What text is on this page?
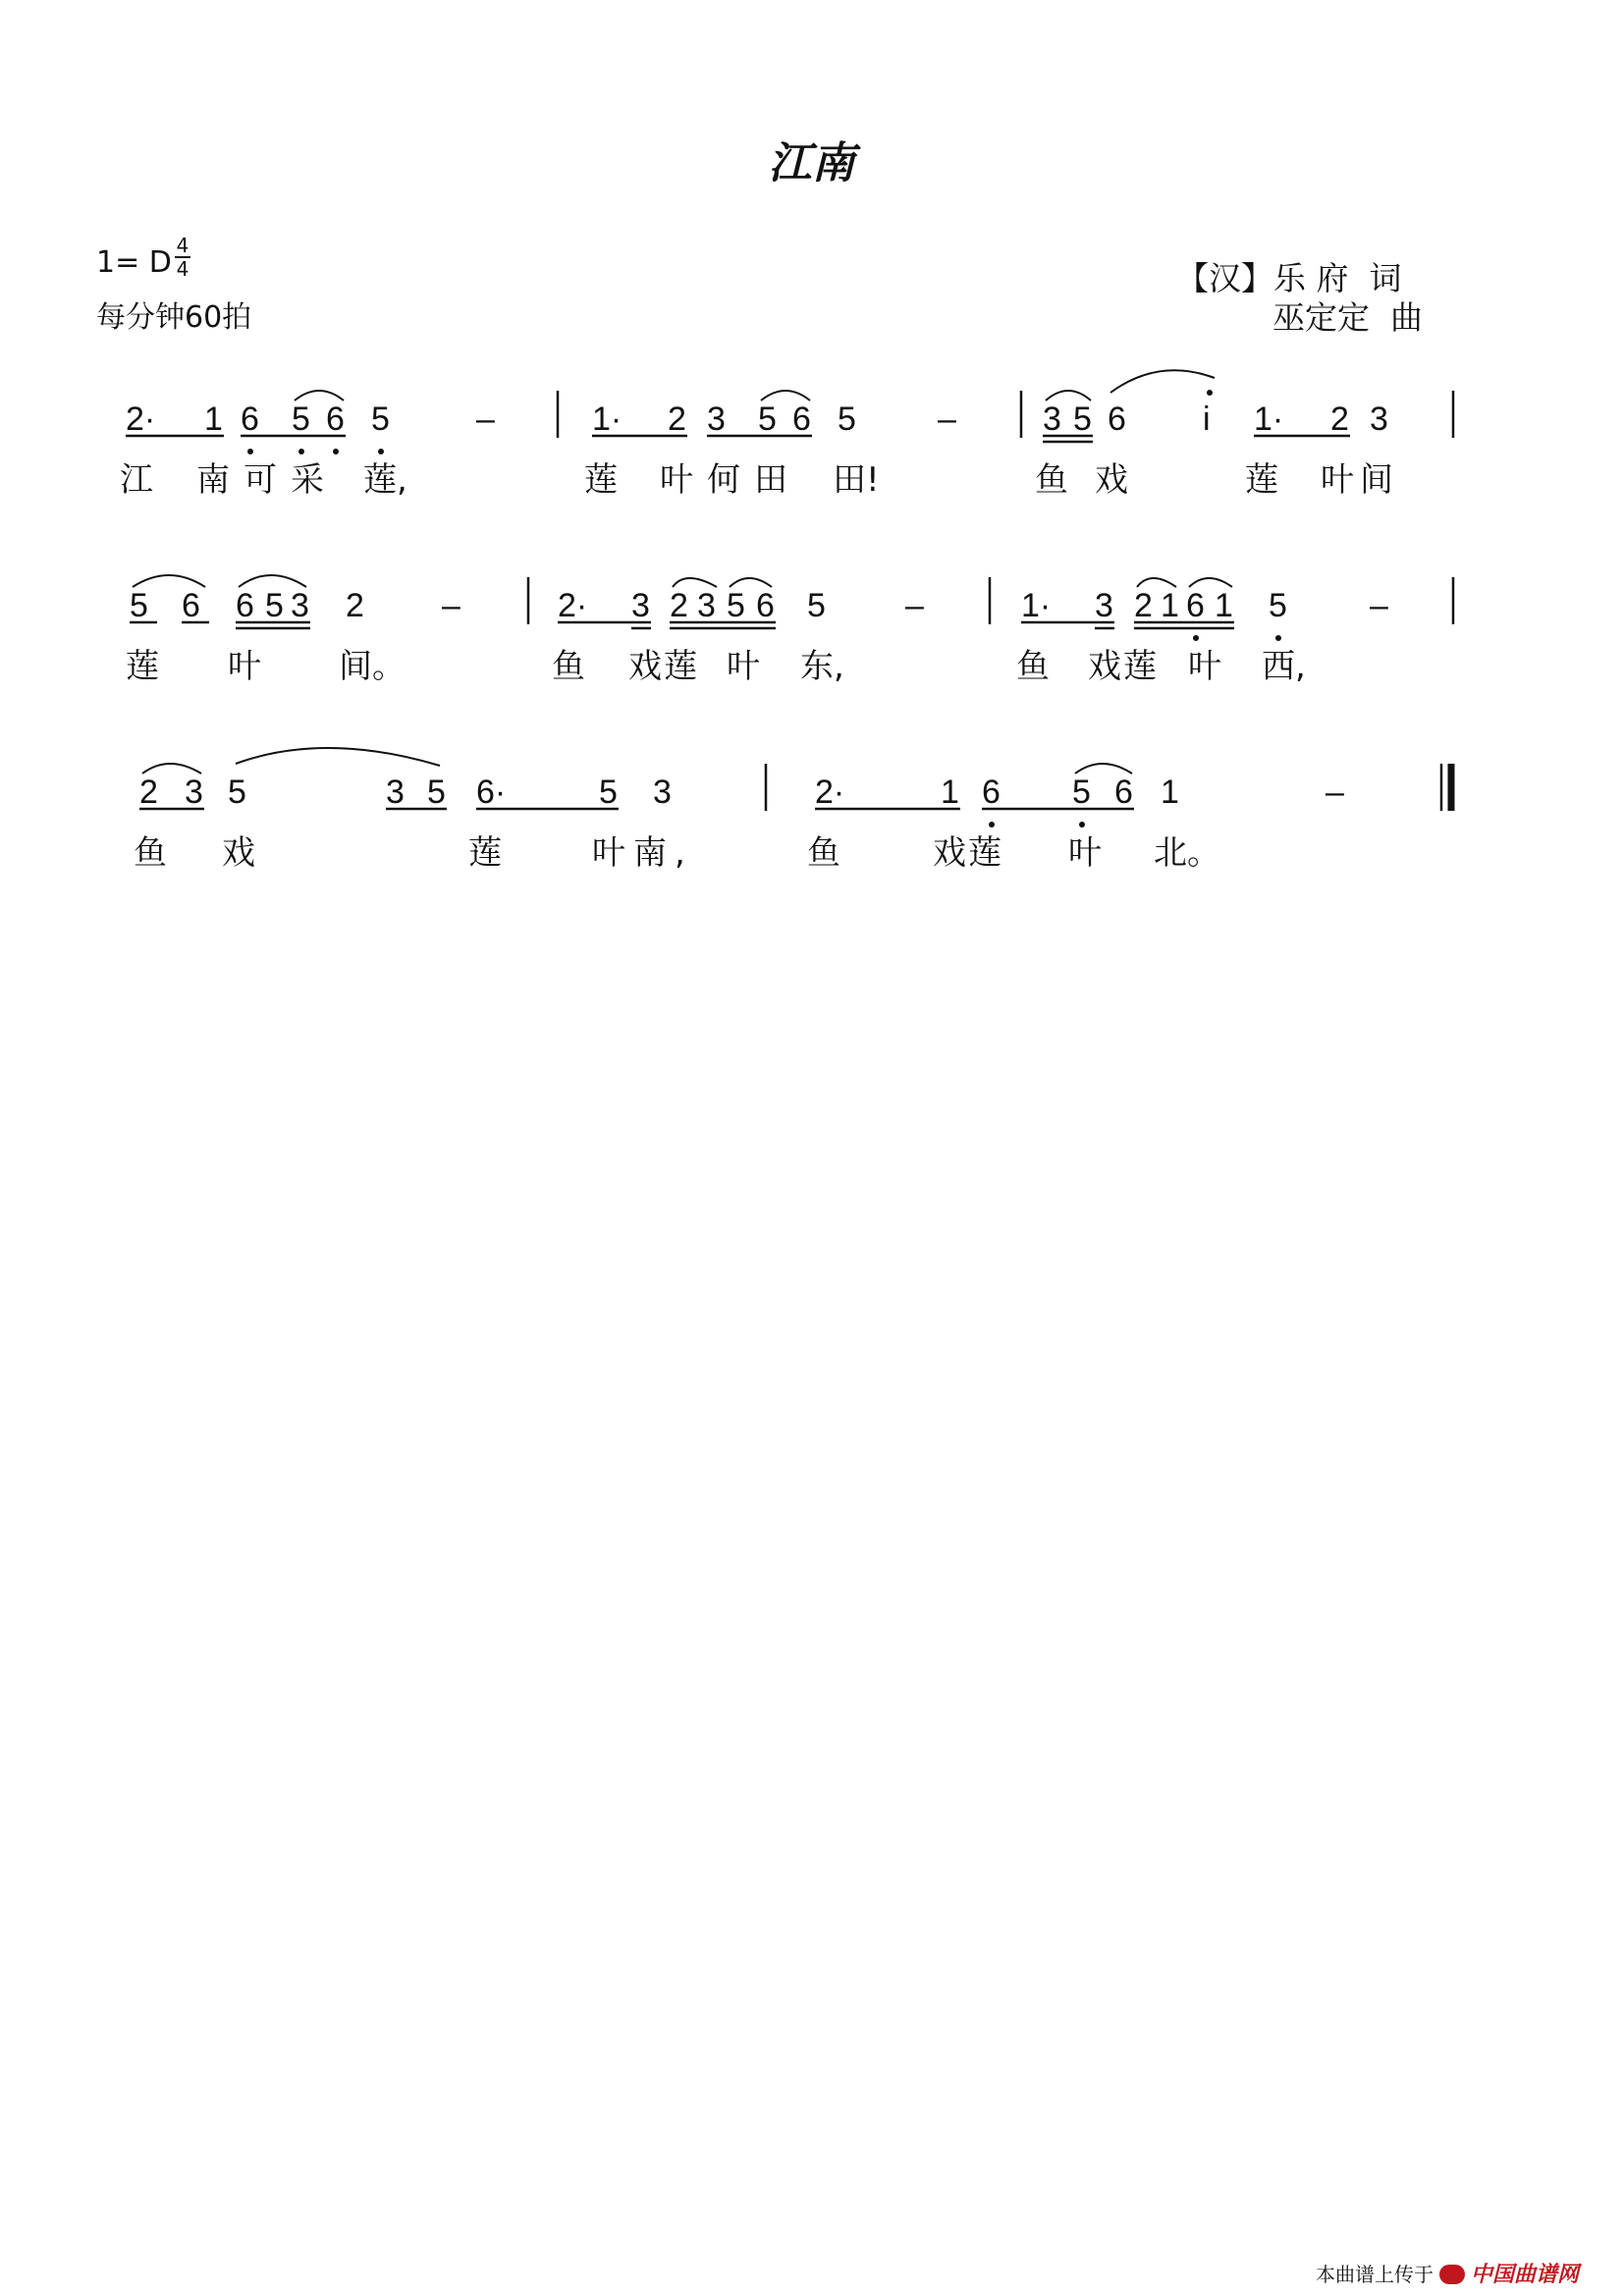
江南
1= D 4
4
每分钟60拍
【汉】乐 府  词
巫定定  曲
2· 1 6 5 6 5	–	1· 2 3 5 6 5 –	3 5 6 i 1· 2 3
江 南可采 莲,	莲 叶何田 田!	鱼 戏	莲 叶间
5 6 6 5 3 2 –	2· 3 2 3 5 6 5 –	1· 3 2 1 6 1 5 –
莲 叶 间。	鱼 戏莲 叶 东,	鱼 戏莲 叶 西,
2 3 5	3 5 6·	5 3	2·	1 6 5 6 1	–
鱼 戏	莲	叶南,	鱼	戏莲 叶 北。
本曲谱上传于 中国曲谱网
